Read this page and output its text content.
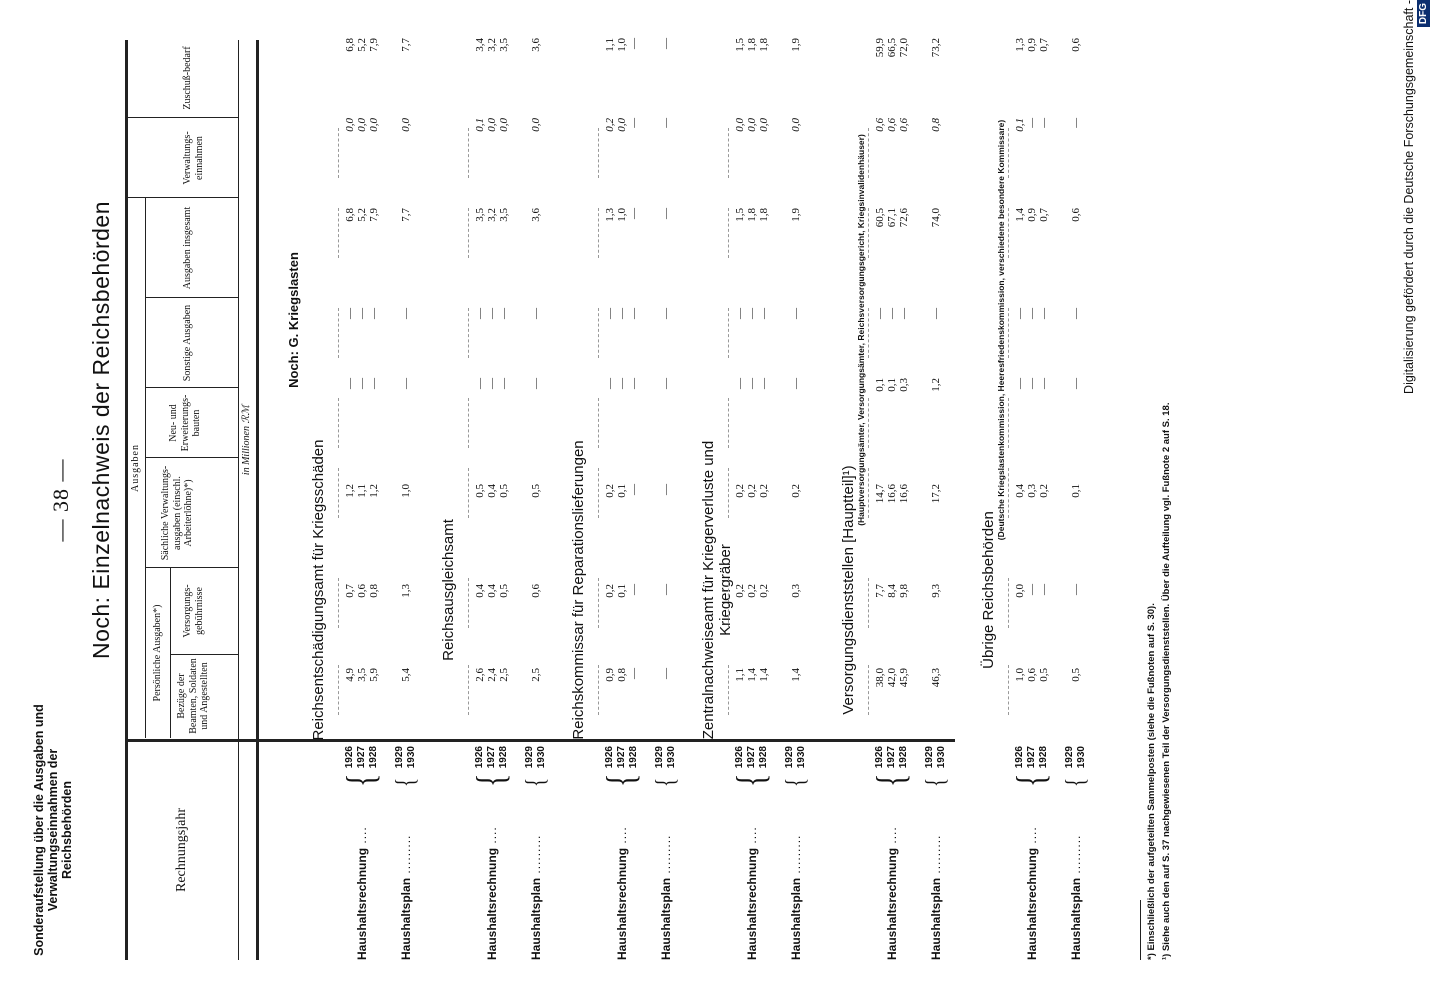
Sonderaufstellung über die Ausgaben und Verwaltungseinnahmen der Reichsbehörden
— 38 — Noch: Einzelnachweis der Reichsbehörden
Digitalisierung gefördert durch die Deutsche Forschungsgemeinschaft - DFG
Rechnungsjahr
Ausgaben
Persönliche Ausgaben*) Bezüge der Beamten, Soldaten und Angestellten
Versorgungs-gebührnisse
Sächliche Verwaltungs-ausgaben (einschl. Arbeiterlöhne)*)
Neu- und Erweiterungs-bauten
Sonstige Ausgaben
Ausgaben insgesamt
Verwaltungs-einnahmen
Zuschuß-bedarf
in Millionen ℛℳ
Noch: G. Kriegslasten
Reichsentschädigungsamt für Kriegsschäden
Haushaltsrechnung ....
{
1926 1927 1928
4,9
0,7
1,2
—
—
6,8
0,0
6,8
3,5
0,6
1,1
—
—
5,2
0,0
5,2
5,9
0,8
1,2
—
—
7,9
0,0
7,9
Haushaltsplan .........
{
1929 1930
5,4
1,3
1,0
—
—
7,7
0,0
7,7
Reichsausgleichsamt
Haushaltsrechnung ....
{
1926 1927 1928
2,6
0,4
0,5
—
—
3,5
0,1
3,4
2,4
0,4
0,4
—
—
3,2
0,0
3,2
2,5
0,5
0,5
—
—
3,5
0,0
3,5
Haushaltsplan .........
{
1929 1930
2,5
0,6
0,5
—
—
3,6
0,0
3,6
Reichskommissar für Reparationslieferungen
Haushaltsrechnung ....
{
1926 1927 1928
0,9
0,2
0,2
—
—
1,3
0,2
1,1
0,8
0,1
0,1
—
—
1,0
0,0
1,0
—
—
—
—
—
—
—
—
Haushaltsplan .........
{
1929 1930
—
—
—
—
—
—
—
—
Zentralnachweiseamt für Kriegerverluste und Kriegergräber
Haushaltsrechnung ....
{
1926 1927 1928
1,1
0,2
0,2
—
—
1,5
0,0
1,5
1,4
0,2
0,2
—
—
1,8
0,0
1,8
1,4
0,2
0,2
—
—
1,8
0,0
1,8
Haushaltsplan .........
{
1929 1930
1,4
0,3
0,2
—
—
1,9
0,0
1,9
Versorgungsdienststellen [Hauptteil]¹)
(Hauptversorgungsämter, Versorgungsämter, Reichsversorgungsgericht, Kriegsinvalidenhäuser)
Haushaltsrechnung ....
{
1926 1927 1928
38,0
7,7
14,7
0,1
—
60,5
0,6
59,9
42,0
8,4
16,6
0,1
—
67,1
0,6
66,5
45,9
9,8
16,6
0,3
—
72,6
0,6
72,0
Haushaltsplan .........
{
1929 1930
46,3
9,3
17,2
1,2
—
74,0
0,8
73,2
Übrige Reichsbehörden
(Deutsche Kriegslastenkommission, Heeresfriedenskommission, verschiedene besondere Kommissare)
Haushaltsrechnung ....
{
1926 1927 1928
1,0
0,0
0,4
—
—
1,4
0,1
1,3
0,6
—
0,3
—
—
0,9
—
0,9
0,5
—
0,2
—
—
0,7
—
0,7
Haushaltsplan .........
{
1929 1930
0,5
—
0,1
—
—
0,6
—
0,6
*) Einschließlich der aufgeteilten Sammelposten (siehe die Fußnoten auf S. 30). ¹) Siehe auch den auf S. 37 nachgewiesenen Teil der Versorgungsdienststellen. Über die Aufteilung vgl. Fußnote 2 auf S. 18.
